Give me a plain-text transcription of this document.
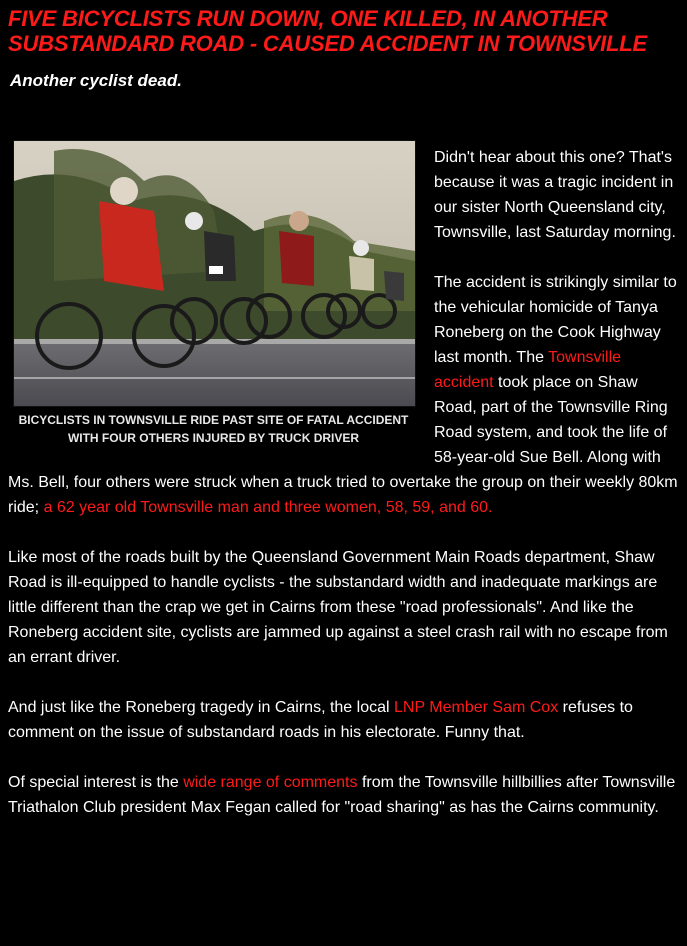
FIVE BICYCLISTS RUN DOWN, ONE KILLED, IN ANOTHER SUBSTANDARD ROAD - CAUSED ACCIDENT IN TOWNSVILLE
Another cyclist dead.
BICYCLISTS IN TOWNSVILLE RIDE PAST SITE OF FATAL ACCIDENT WITH FOUR OTHERS INJURED BY TRUCK DRIVER

Didn't hear about this one? That's because it was a tragic incident in our sister North Queensland city, Townsville, last Saturday morning.

The accident is strikingly similar to the vehicular homicide of Tanya Roneberg on the Cook Highway last month. The Townsville accident took place on Shaw Road, part of the Townsville Ring Road system, and took the life of 58-year-old Sue Bell. Along with Ms. Bell, four others were struck when a truck tried to overtake the group on their weekly 80km ride; a 62 year old Townsville man and three women, 58, 59, and 60.

Like most of the roads built by the Queensland Government Main Roads department, Shaw Road is ill-equipped to handle cyclists - the substandard width and inadequate markings are little different than the crap we get in Cairns from these "road professionals". And like the Roneberg accident site, cyclists are jammed up against a steel crash rail with no escape from an errant driver.

And just like the Roneberg tragedy in Cairns, the local LNP Member Sam Cox refuses to comment on the issue of substandard roads in his electorate. Funny that.

Of special interest is the wide range of comments from the Townsville hillbillies after Townsville Triathalon Club president Max Fegan called for "road sharing" as has the Cairns community.
